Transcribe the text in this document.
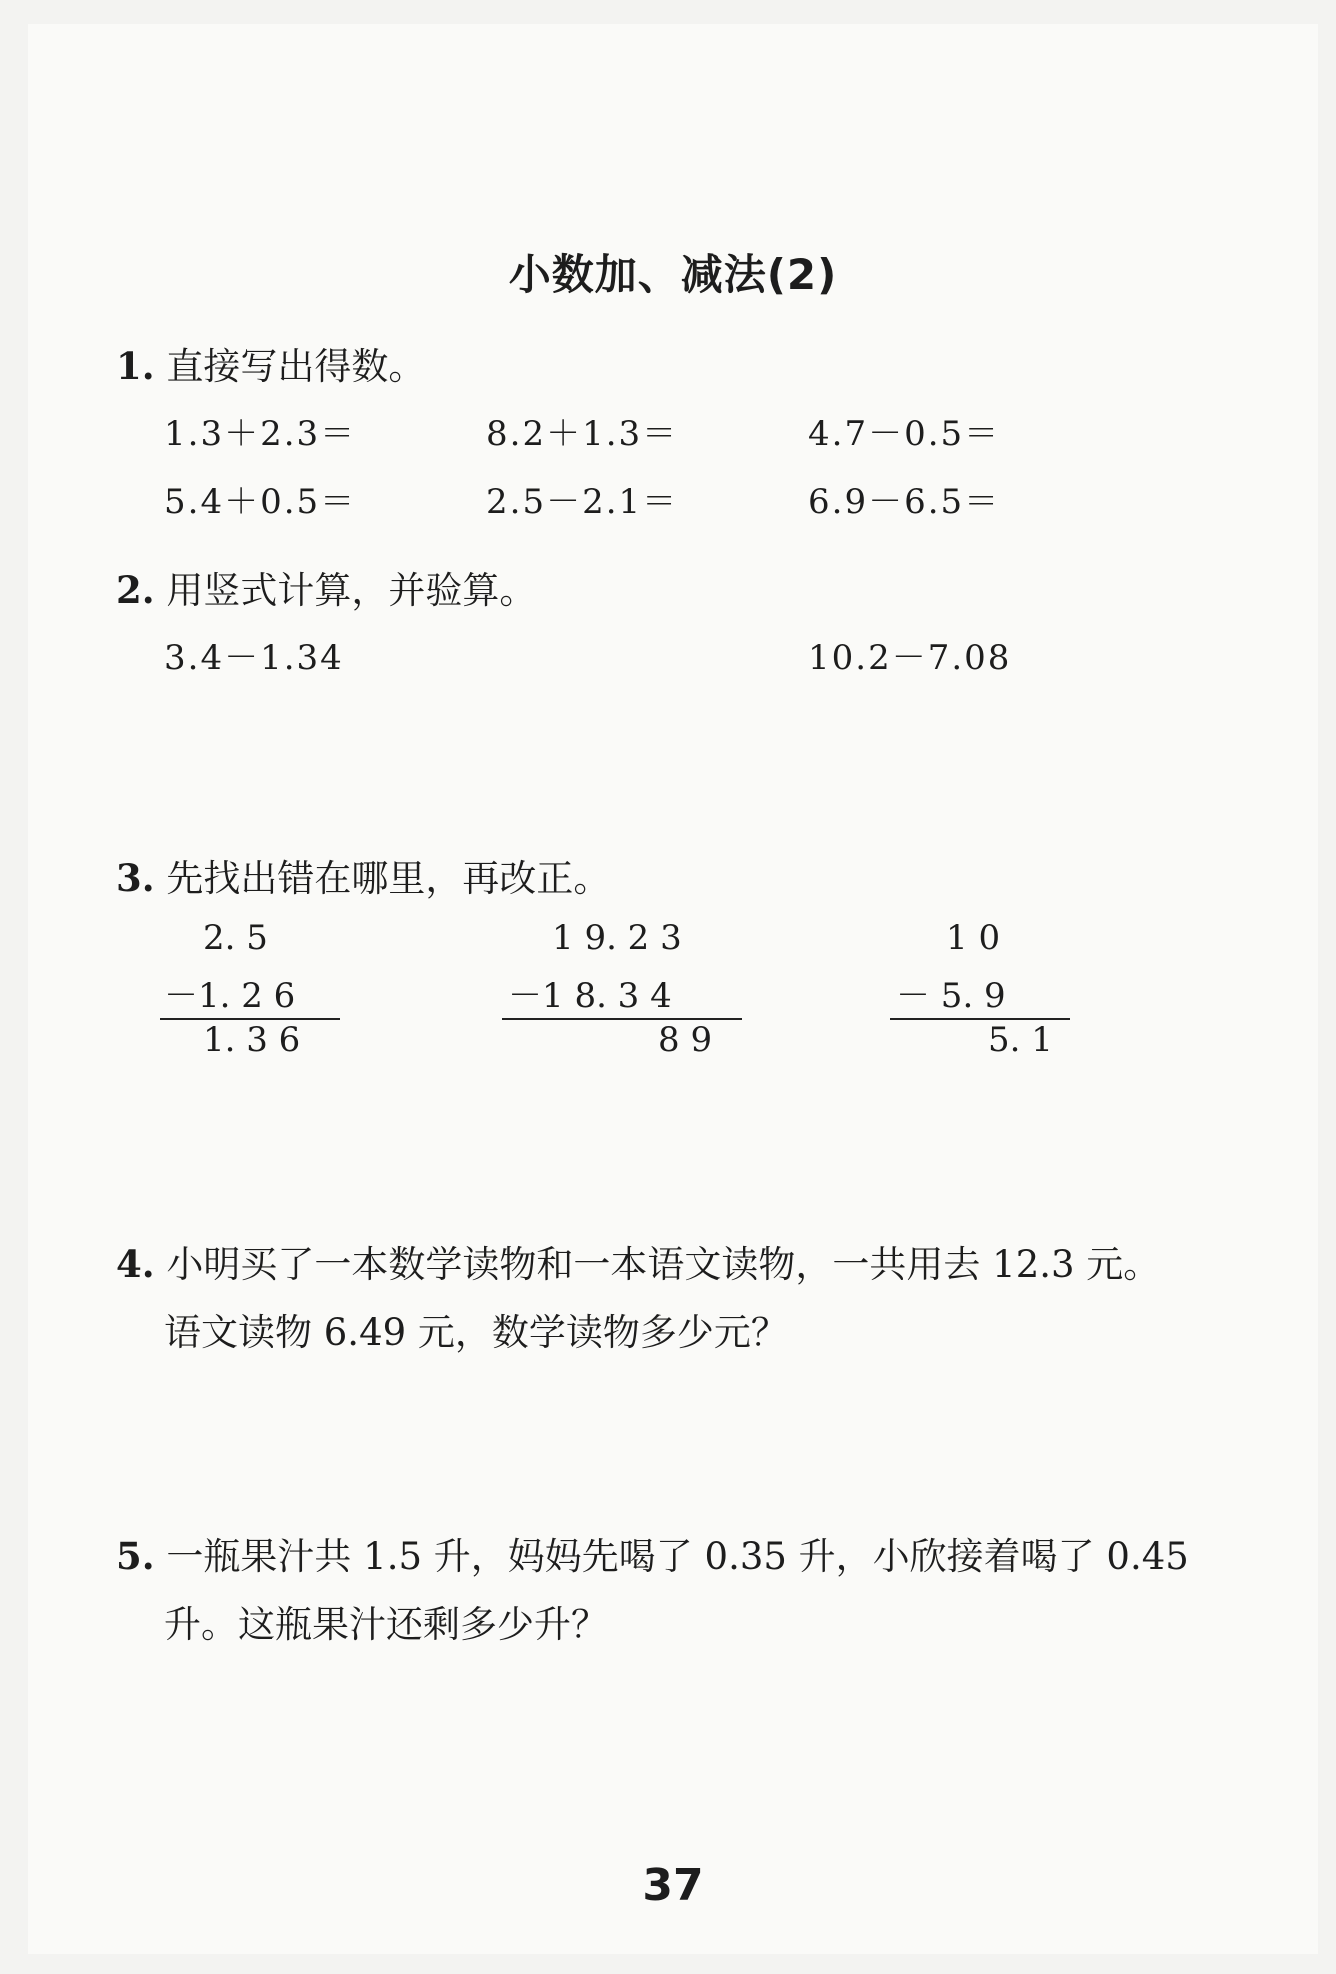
小数加、减法(2)
1. 直接写出得数。
1.3＋2.3＝	8.2＋1.3＝	4.7－0.5＝
5.4＋0.5＝	2.5－2.1＝	6.9－6.5＝
2. 用竖式计算，并验算。
3.4－1.34	10.2－7.08
3. 先找出错在哪里，再改正。
2. 5
－1. 2 6
1. 3 6
1 9. 2 3
－1 8. 3 4
8 9
1 0
－ 5. 9
5. 1
4. 小明买了一本数学读物和一本语文读物，一共用去 12.3 元。
语文读物 6.49 元，数学读物多少元？
5. 一瓶果汁共 1.5 升，妈妈先喝了 0.35 升，小欣接着喝了 0.45
升。这瓶果汁还剩多少升？
37
